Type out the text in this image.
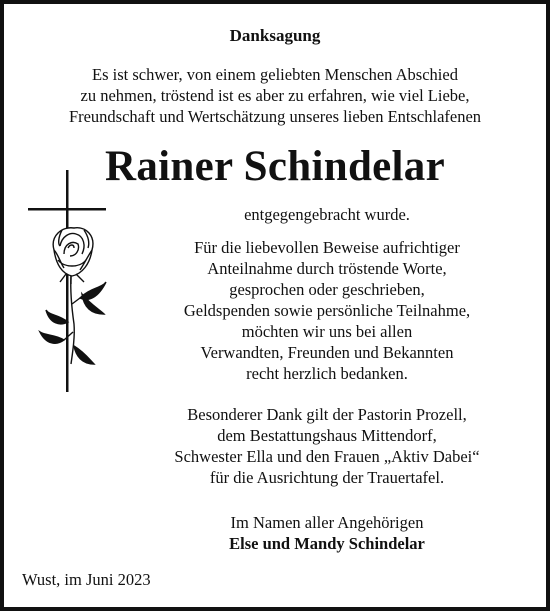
Danksagung
Es ist schwer, von einem geliebten Menschen Abschied
zu nehmen, tröstend ist es aber zu erfahren, wie viel Liebe,
Freundschaft und Wertschätzung unseres lieben Entschlafenen
Rainer Schindelar
entgegengebracht wurde.
Für die liebevollen Beweise aufrichtiger
Anteilnahme durch tröstende Worte,
gesprochen oder geschrieben,
Geldspenden sowie persönliche Teilnahme,
möchten wir uns bei allen
Verwandten, Freunden und Bekannten
recht herzlich bedanken.
Besonderer Dank gilt der Pastorin Prozell,
dem Bestattungshaus Mittendorf,
Schwester Ella und den Frauen „Aktiv Dabei“
für die Ausrichtung der Trauertafel.
Im Namen aller Angehörigen
Else und Mandy Schindelar
Wust, im Juni 2023
